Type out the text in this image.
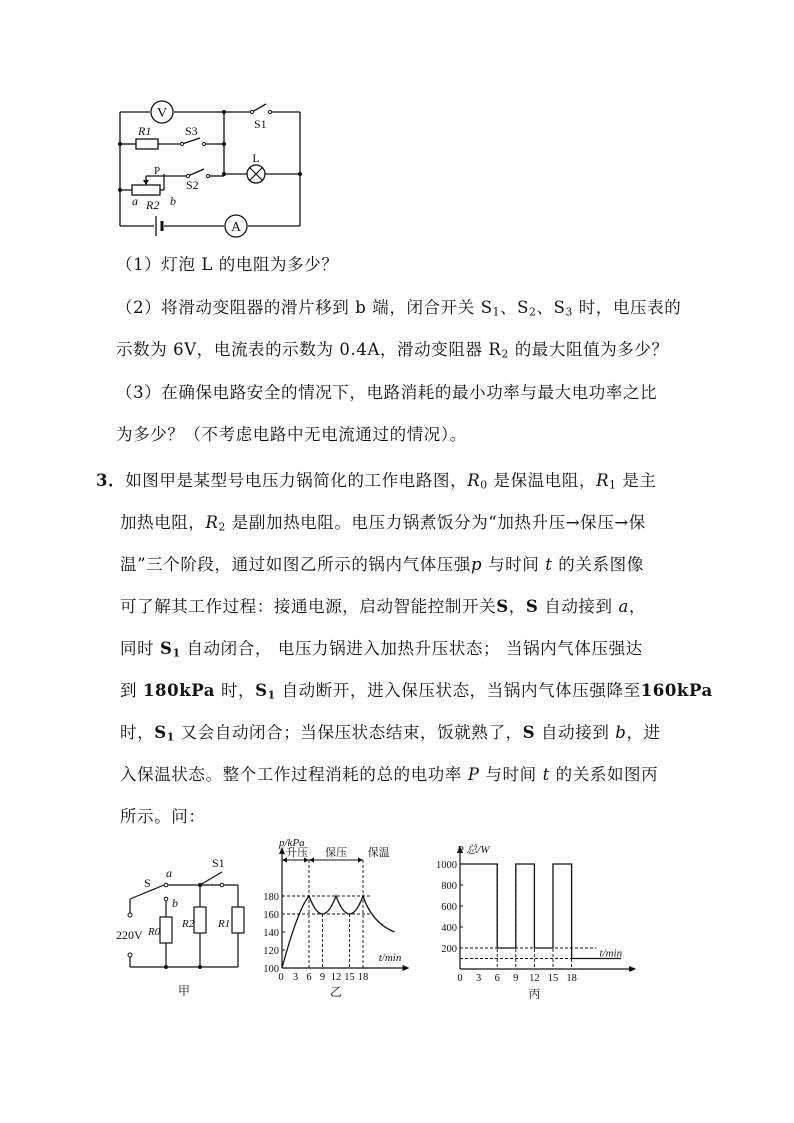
V
L
A
R1	S3	S1
P
S2
a R2 b
（1）灯泡 L 的电阻为多少？
（2）将滑动变阻器的滑片移到 b 端，闭合开关 $S_1$、$S_2$、$S_3$ 时，电压表的
示数为 6V，电流表的示数为 0.4A，滑动变阻器 $R_2$ 的最大阻值为多少？
（3）在确保电路安全的情况下，电路消耗的最小功率与最大电功率之比
为多少？（不考虑电路中无电流通过的情况）。
3．如图甲是某型号电压力锅简化的工作电路图，$R_0$ 是保温电阻，$R_1$ 是主
加热电阻，$R_2$ 是副加热电阻。电压力锅煮饭分为“加热升压→保压→保
温”三个阶段，通过如图乙所示的锅内气体压强p 与时间 t 的关系图像
可了解其工作过程：接通电源，启动智能控制开关S，S 自动接到 a，
同时 $S_1$ 自动闭合， 电压力锅进入加热升压状态； 当锅内气体压强达
到 180kPa 时，$S_1$ 自动断开，进入保压状态，当锅内气体压强降至160kPa
时，$S_1$ 又会自动闭合；当保压状态结束，饭就熟了，S 自动接到 b，进
入保温状态。整个工作过程消耗的总的电功率 P 与时间 t 的关系如图丙
所示。问：
S
a
b
S1
220V R0
R2 R1
甲
升压 保压 保温
100
120
140
160
180
3 6 9 12 15 18
0
p/kPa
t/min
乙
200
400
600
800
1000
0 3 6 9 12 15 18
P 总/W
t/min
丙
